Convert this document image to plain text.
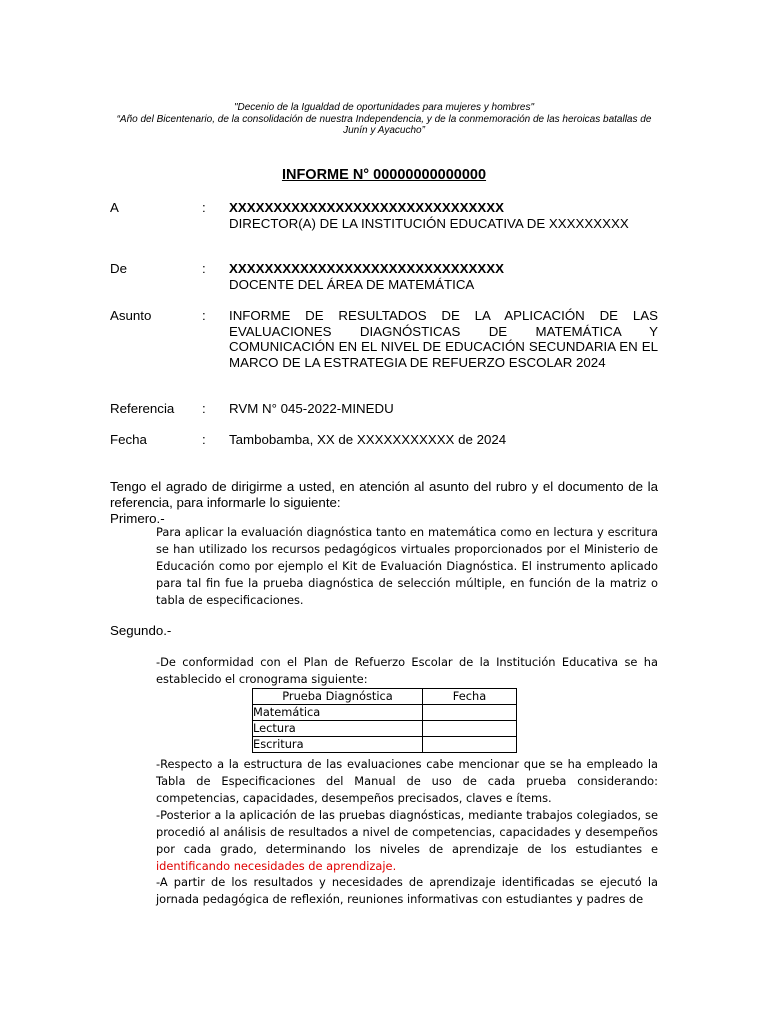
"Decenio de la Igualdad de oportunidades para mujeres y hombres"
“Año del Bicentenario, de la consolidación de nuestra Independencia, y de la conmemoración de las heroicas batallas de Junín y Ayacucho”
INFORME N° 00000000000000
A	: XXXXXXXXXXXXXXXXXXXXXXXXXXXXXXX
DIRECTOR(A) DE LA INSTITUCIÓN EDUCATIVA DE XXXXXXXXX
De	: XXXXXXXXXXXXXXXXXXXXXXXXXXXXXXX
DOCENTE DEL ÁREA DE MATEMÁTICA
Asunto	: INFORME DE RESULTADOS DE LA APLICACIÓN DE LAS EVALUACIONES DIAGNÓSTICAS DE MATEMÁTICA Y COMUNICACIÓN EN EL NIVEL DE EDUCACIÓN SECUNDARIA EN EL MARCO DE LA ESTRATEGIA DE REFUERZO ESCOLAR 2024
Referencia : RVM N° 045-2022-MINEDU
Fecha	: Tambobamba, XX de XXXXXXXXXXX de 2024
Tengo el agrado de dirigirme a usted, en atención al asunto del rubro y el documento de la referencia, para informarle lo siguiente:
Primero.-
Para aplicar la evaluación diagnóstica tanto en matemática como en lectura y escritura se han utilizado los recursos pedagógicos virtuales proporcionados por el Ministerio de Educación como por ejemplo el Kit de Evaluación Diagnóstica. El instrumento aplicado para tal fin fue la prueba diagnóstica de selección múltiple, en función de la matriz o tabla de especificaciones.
Segundo.-
-De conformidad con el Plan de Refuerzo Escolar de la Institución Educativa se ha establecido el cronograma siguiente:
Prueba Diagnóstica	Fecha
Matemática	
Lectura	
Escritura	
-Respecto a la estructura de las evaluaciones cabe mencionar que se ha empleado la Tabla de Especificaciones del Manual de uso de cada prueba considerando: competencias, capacidades, desempeños precisados, claves e ítems.
-Posterior a la aplicación de las pruebas diagnósticas, mediante trabajos colegiados, se procedió al análisis de resultados a nivel de competencias, capacidades y desempeños por cada grado, determinando los niveles de aprendizaje de los estudiantes e identificando necesidades de aprendizaje.
-A partir de los resultados y necesidades de aprendizaje identificadas se ejecutó la jornada pedagógica de reflexión, reuniones informativas con estudiantes y padres de
